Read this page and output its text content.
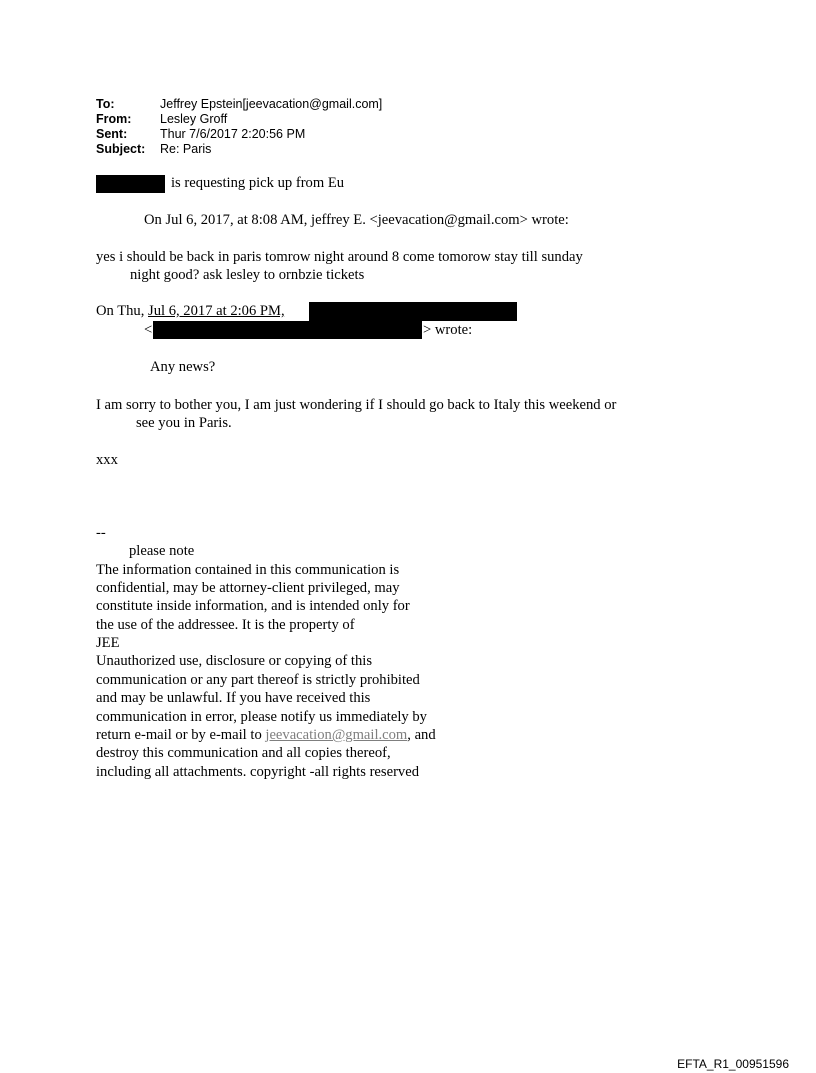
To:	Jeffrey Epstein[jeevacation@gmail.com]
From:	Lesley Groff
Sent:	Thur 7/6/2017 2:20:56 PM
Subject:	Re: Paris
is requesting pick up from Eu
On Jul 6, 2017, at 8:08 AM, jeffrey E. <jeevacation@gmail.com> wrote:
yes i should be back in paris tomrow night around 8 come tomorow stay till sunday
night good? ask lesley to ornbzie tickets
On Thu, Jul 6, 2017 at 2:06 PM,
<	> wrote:
Any news?
I am sorry to bother you, I am just wondering if I should go back to Italy this weekend or
see you in Paris.
xxx
--
please note
The information contained in this communication is
confidential, may be attorney-client privileged, may
constitute inside information, and is intended only for
the use of the addressee. It is the property of
JEE
Unauthorized use, disclosure or copying of this
communication or any part thereof is strictly prohibited
and may be unlawful. If you have received this
communication in error, please notify us immediately by
return e-mail or by e-mail to jeevacation@gmail.com, and
destroy this communication and all copies thereof,
including all attachments. copyright -all rights reserved
EFTA_R1_00951596
